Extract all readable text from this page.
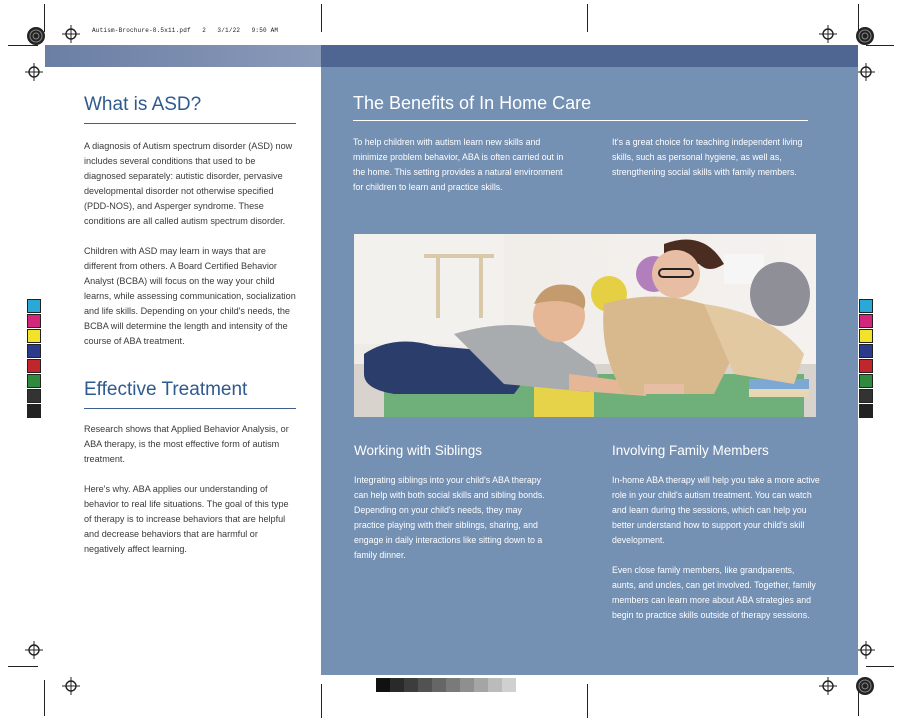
Autism-Brochure-8.5x11.pdf   2   3/1/22   9:50 AM
What is ASD?

A diagnosis of Autism spectrum disorder (ASD) now includes several conditions that used to be diagnosed separately: autistic disorder, pervasive developmental disorder not otherwise specified (PDD-NOS), and Asperger syndrome. These conditions are all called autism spectrum disorder.

Children with ASD may learn in ways that are different from others. A Board Certified Behavior Analyst (BCBA) will focus on the way your child learns, while assessing communication, socialization and life skills. Depending on your child's needs, the BCBA will determine the length and intensity of the course of ABA treatment.

Effective Treatment

Research shows that Applied Behavior Analysis, or ABA therapy, is the most effective form of autism treatment.

Here's why. ABA applies our understanding of behavior to real life situations. The goal of this type of therapy is to increase behaviors that are helpful and decrease behaviors that are harmful or negatively affect learning.

The Benefits of In Home Care

To help children with autism learn new skills and minimize problem behavior, ABA is often carried out in the home. This setting provides a natural environment for children to learn and practice skills.

It's a great choice for teaching independent living skills, such as personal hygiene, as well as, strengthening social skills with family members.

Working with Siblings

Integrating siblings into your child's ABA therapy can help with both social skills and sibling bonds. Depending on your child's needs, they may practice playing with their siblings, sharing, and engage in daily interactions like sitting down to a family dinner.

Involving Family Members

In-home ABA therapy will help you take a more active role in your child's autism treatment. You can watch and learn during the sessions, which can help you better understand how to support your child's skill development.

Even close family members, like grandparents, aunts, and uncles, can get involved. Together, family members can learn more about ABA strategies and begin to practice skills outside of therapy sessions.
